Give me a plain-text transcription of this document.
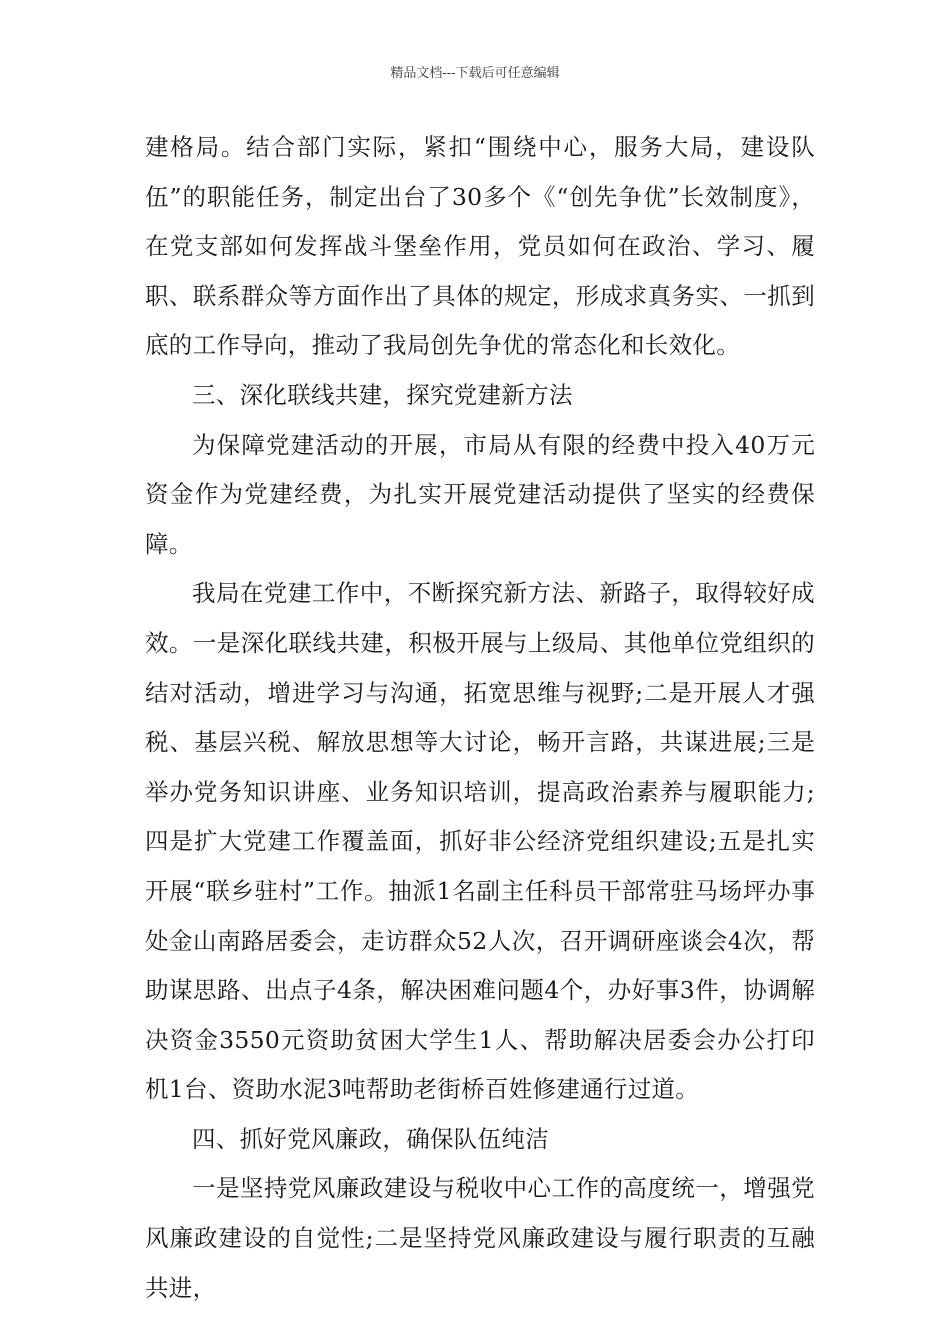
精品文档---下载后可任意编辑

建格局。结合部门实际，紧扣“围绕中心，服务大局，建设队伍”的职能任务，制定出台了30多个《“创先争优”长效制度》，在党支部如何发挥战斗堡垒作用，党员如何在政治、学习、履职、联系群众等方面作出了具体的规定，形成求真务实、一抓到底的工作导向，推动了我局创先争优的常态化和长效化。

三、深化联线共建，探究党建新方法

为保障党建活动的开展，市局从有限的经费中投入40万元资金作为党建经费，为扎实开展党建活动提供了坚实的经费保障。

我局在党建工作中，不断探究新方法、新路子，取得较好成效。一是深化联线共建，积极开展与上级局、其他单位党组织的结对活动，增进学习与沟通，拓宽思维与视野;二是开展人才强税、基层兴税、解放思想等大讨论，畅开言路，共谋进展;三是举办党务知识讲座、业务知识培训，提高政治素养与履职能力;四是扩大党建工作覆盖面，抓好非公经济党组织建设;五是扎实开展“联乡驻村”工作。抽派1名副主任科员干部常驻马场坪办事处金山南路居委会，走访群众52人次，召开调研座谈会4次，帮助谋思路、出点子4条，解决困难问题4个，办好事3件，协调解决资金3550元资助贫困大学生1人、帮助解决居委会办公打印机1台、资助水泥3吨帮助老街桥百姓修建通行过道。

四、抓好党风廉政，确保队伍纯洁

一是坚持党风廉政建设与税收中心工作的高度统一，增强党风廉政建设的自觉性;二是坚持党风廉政建设与履行职责的互融共进，
